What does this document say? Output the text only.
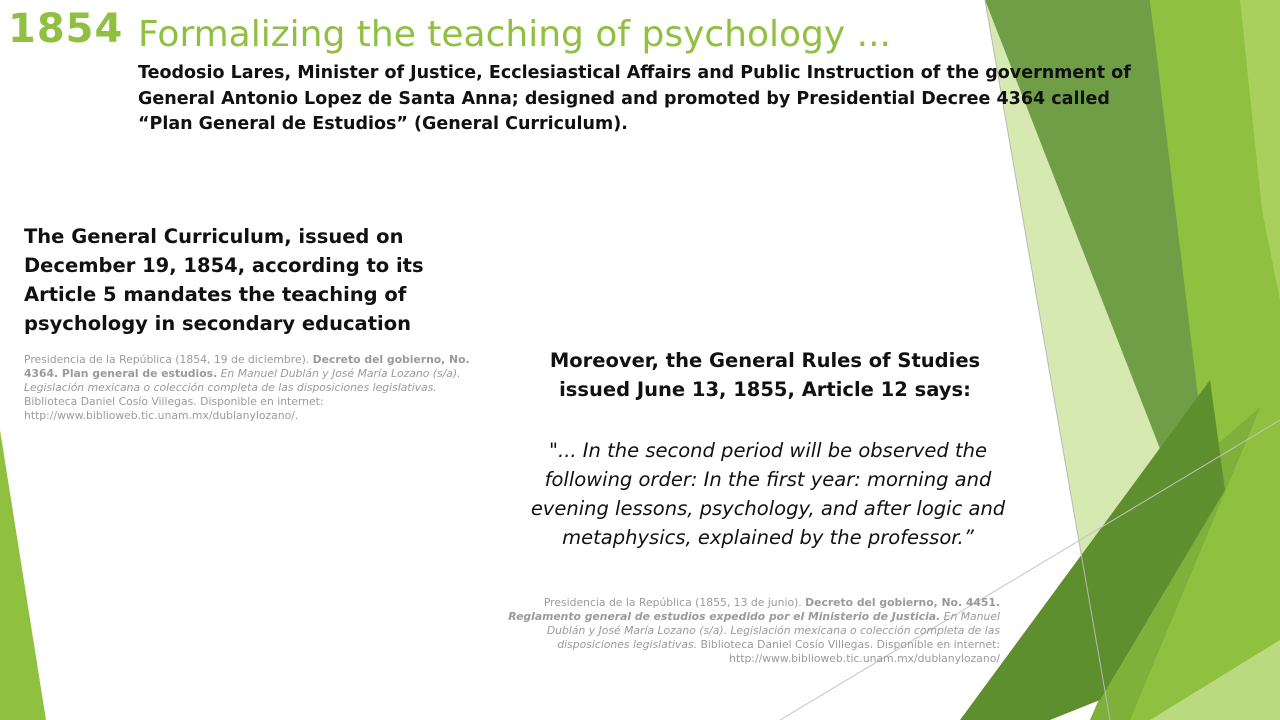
1854 Formalizing the teaching of psychology ...
Teodosio Lares, Minister of Justice, Ecclesiastical Affairs and Public Instruction of the government of General Antonio Lopez de Santa Anna; designed and promoted by Presidential Decree 4364 called “Plan General de Estudios” (General Curriculum).
The General Curriculum, issued on December 19, 1854, according to its Article 5 mandates the teaching of psychology in secondary education
Presidencia de la República (1854, 19 de diciembre). Decreto del gobierno, No. 4364. Plan general de estudios. En Manuel Dublán y José María Lozano (s/a). Legislación mexicana o colección completa de las disposiciones legislativas. Biblioteca Daniel Cosío Villegas. Disponible en internet: http://www.biblioweb.tic.unam.mx/dublanylozano/.
Moreover, the General Rules of Studies issued June 13, 1855, Article 12 says:
"... In the second period will be observed the following order: In the first year: morning and evening lessons, psychology, and after logic and metaphysics, explained by the professor.”
Presidencia de la República (1855, 13 de junio). Decreto del gobierno, No. 4451. Reglamento general de estudios expedido por el Ministerio de Justicia. En Manuel Dublán y José María Lozano (s/a). Legislación mexicana o colección completa de las disposiciones legislativas. Biblioteca Daniel Cosío Villegas. Disponible en internet: http://www.biblioweb.tic.unam.mx/dublanylozano/
